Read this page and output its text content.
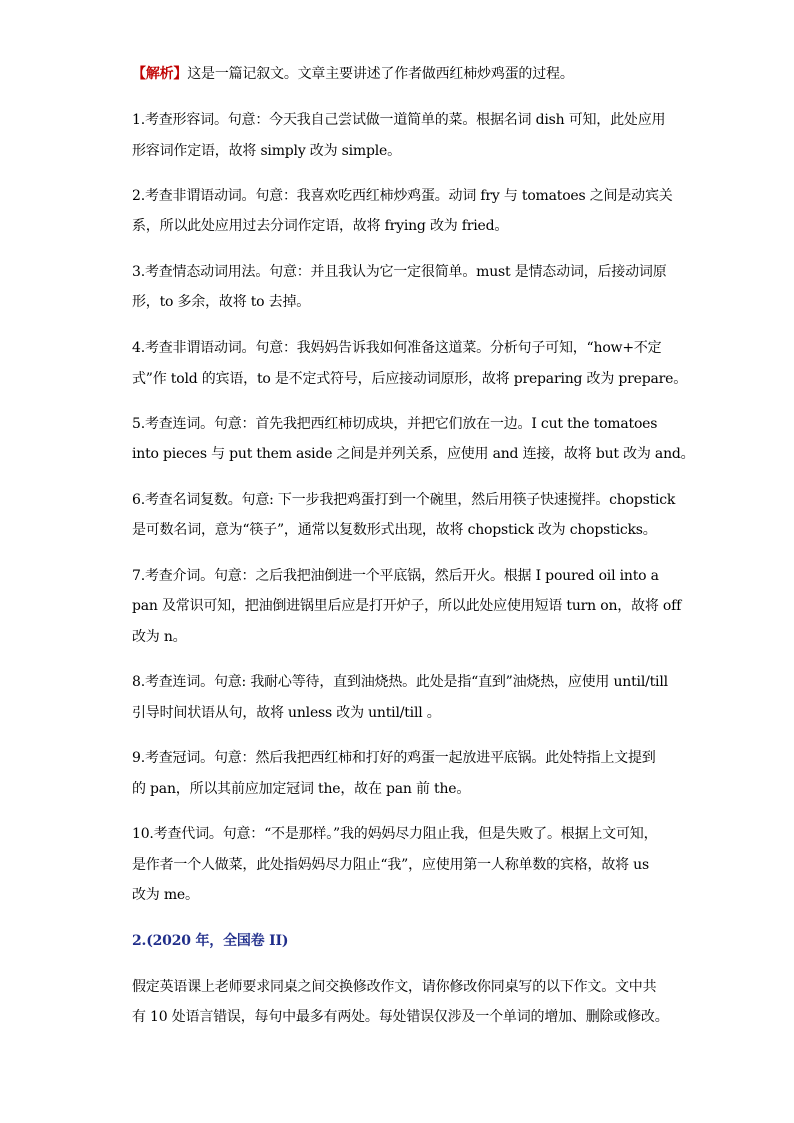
【解析】这是一篇记叙文。文章主要讲述了作者做西红柿炒鸡蛋的过程。
1.考查形容词。句意：今天我自己尝试做一道简单的菜。根据名词 dish 可知，此处应用
形容词作定语，故将 simply 改为 simple。
2.考查非谓语动词。句意：我喜欢吃西红柿炒鸡蛋。动词 fry 与 tomatoes 之间是动宾关
系，所以此处应用过去分词作定语，故将 frying 改为 fried。
3.考查情态动词用法。句意：并且我认为它一定很简单。must 是情态动词，后接动词原
形，to 多余，故将 to 去掉。
4.考查非谓语动词。句意：我妈妈告诉我如何准备这道菜。分析句子可知，“how+不定
式”作 told 的宾语，to 是不定式符号，后应接动词原形，故将 preparing 改为 prepare。
5.考查连词。句意：首先我把西红柿切成块，并把它们放在一边。I cut the tomatoes
into pieces 与 put them aside 之间是并列关系，应使用 and 连接，故将 but 改为 and。
6.考查名词复数。句意: 下一步我把鸡蛋打到一个碗里，然后用筷子快速搅拌。chopstick
是可数名词，意为“筷子”，通常以复数形式出现，故将 chopstick 改为 chopsticks。
7.考查介词。句意：之后我把油倒进一个平底锅，然后开火。根据 I poured oil into a
pan 及常识可知，把油倒进锅里后应是打开炉子，所以此处应使用短语 turn on，故将 off
改为 n。
8.考查连词。句意: 我耐心等待，直到油烧热。此处是指“直到”油烧热，应使用 until/till
引导时间状语从句，故将 unless 改为 until/till 。
9.考查冠词。句意：然后我把西红柿和打好的鸡蛋一起放进平底锅。此处特指上文提到
的 pan，所以其前应加定冠词 the，故在 pan 前 the。
10.考查代词。句意：“不是那样。”我的妈妈尽力阻止我，但是失败了。根据上文可知，
是作者一个人做菜，此处指妈妈尽力阻止“我”，应使用第一人称单数的宾格，故将 us
改为 me。
2.(2020 年，全国卷 II)
假定英语课上老师要求同桌之间交换修改作文，请你修改你同桌写的以下作文。文中共
有 10 处语言错误，每句中最多有两处。每处错误仅涉及一个单词的增加、删除或修改。
